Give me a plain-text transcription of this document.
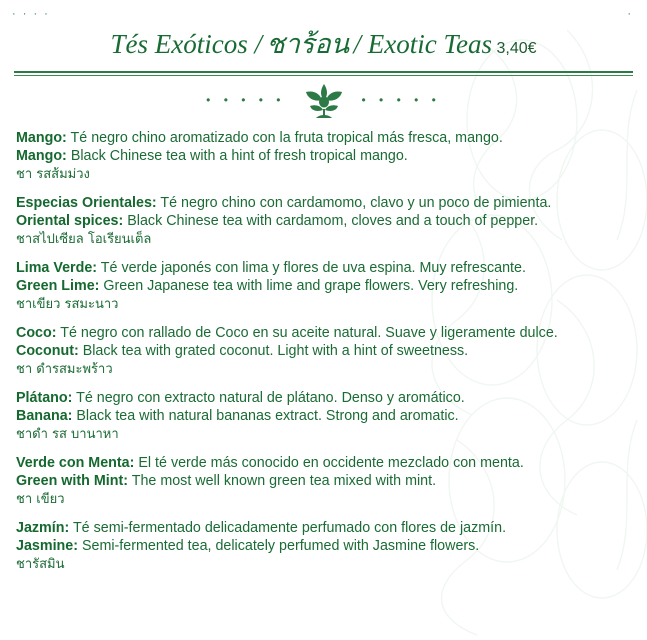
· · · ·	·
Tés Exóticos / ชาร้อน / Exotic Teas 3,40€
• • • • •	• • • • •
Mango: Té negro chino aromatizado con la fruta tropical más fresca, mango.
Mango: Black Chinese tea with a hint of fresh tropical mango.
ชา รสส้มม่วง
Especias Orientales: Té negro chino con cardamomo, clavo y un poco de pimienta.
Oriental spices: Black Chinese tea with cardamom, cloves and a touch of pepper.
ชาสไปเซียล โอเรียนเต็ล
Lima Verde: Té verde japonés con lima y flores de uva espina. Muy refrescante.
Green Lime: Green Japanese tea with lime and grape flowers. Very refreshing.
ชาเขียว รสมะนาว
Coco: Té negro con rallado de Coco en su aceite natural. Suave y ligeramente dulce.
Coconut: Black tea with grated coconut. Light with a hint of sweetness.
ชา ดำรสมะพร้าว
Plátano: Té negro con extracto natural de plátano. Denso y aromático.
Banana: Black tea with natural bananas extract. Strong and aromatic.
ชาดำ รส บานาหา
Verde con Menta: El té verde más conocido en occidente mezclado con menta.
Green with Mint: The most well known green tea mixed with mint.
ชา เขียว
Jazmín: Té semi-fermentado delicadamente perfumado con flores de jazmín.
Jasmine: Semi-fermented tea, delicately perfumed with Jasmine flowers.
ชารัสมิน
